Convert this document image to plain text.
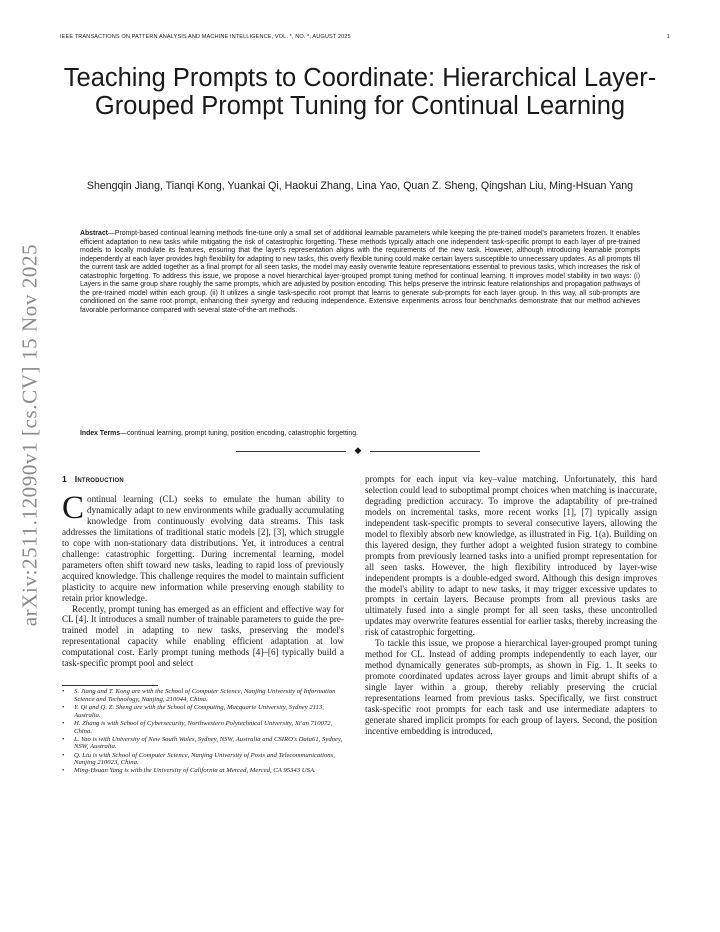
IEEE TRANSACTIONS ON PATTERN ANALYSIS AND MACHINE INTELLIGENCE, VOL. *, NO. *, AUGUST 2025	1
arXiv:2511.12090v1 [cs.CV] 15 Nov 2025
Teaching Prompts to Coordinate: Hierarchical Layer-Grouped Prompt Tuning for Continual Learning
Shengqin Jiang, Tianqi Kong, Yuankai Qi, Haokui Zhang, Lina Yao, Quan Z. Sheng, Qingshan Liu, Ming-Hsuan Yang
Abstract—Prompt-based continual learning methods fine-tune only a small set of additional learnable parameters while keeping the pre-trained model's parameters frozen. It enables efficient adaptation to new tasks while mitigating the risk of catastrophic forgetting. These methods typically attach one independent task-specific prompt to each layer of pre-trained models to locally modulate its features, ensuring that the layer's representation aligns with the requirements of the new task. However, although introducing learnable prompts independently at each layer provides high flexibility for adapting to new tasks, this overly flexible tuning could make certain layers susceptible to unnecessary updates. As all prompts till the current task are added together as a final prompt for all seen tasks, the model may easily overwrite feature representations essential to previous tasks, which increases the risk of catastrophic forgetting. To address this issue, we propose a novel hierarchical layer-grouped prompt tuning method for continual learning. It improves model stability in two ways: (i) Layers in the same group share roughly the same prompts, which are adjusted by position encoding. This helps preserve the intrinsic feature relationships and propagation pathways of the pre-trained model within each group. (ii) It utilizes a single task-specific root prompt that learns to generate sub-prompts for each layer group. In this way, all sub-prompts are conditioned on the same root prompt, enhancing their synergy and reducing independence. Extensive experiments across four benchmarks demonstrate that our method achieves favorable performance compared with several state-of-the-art methods.
Index Terms—continual learning, prompt tuning, position encoding, catastrophic forgetting.
◆
1 Introduction

Continual learning (CL) seeks to emulate the human ability to dynamically adapt to new environments while gradually accumulating knowledge from continuously evolving data streams. This task addresses the limitations of traditional static models [2], [3], which struggle to cope with non-stationary data distributions. Yet, it introduces a central challenge: catastrophic forgetting. During incremental learning, model parameters often shift toward new tasks, leading to rapid loss of previously acquired knowledge. This challenge requires the model to maintain sufficient plasticity to acquire new information while preserving enough stability to retain prior knowledge.

Recently, prompt tuning has emerged as an efficient and effective way for CL [4]. It introduces a small number of trainable parameters to guide the pre-trained model in adapting to new tasks, preserving the model's representational capacity while enabling efficient adaptation at low computational cost. Early prompt tuning methods [4]–[6] typically build a task-specific prompt pool and select

prompts for each input via key–value matching. Unfortunately, this hard selection could lead to suboptimal prompt choices when matching is inaccurate, degrading prediction accuracy. To improve the adaptability of pre-trained models on incremental tasks, more recent works [1], [7] typically assign independent task-specific prompts to several consecutive layers, allowing the model to flexibly absorb new knowledge, as illustrated in Fig. 1(a). Building on this layered design, they further adopt a weighted fusion strategy to combine prompts from previously learned tasks into a unified prompt representation for all seen tasks. However, the high flexibility introduced by layer-wise independent prompts is a double-edged sword. Although this design improves the model's ability to adapt to new tasks, it may trigger excessive updates to prompts in certain layers. Because prompts from all previous tasks are ultimately fused into a single prompt for all seen tasks, these uncontrolled updates may overwrite features essential for earlier tasks, thereby increasing the risk of catastrophic forgetting.

To tackle this issue, we propose a hierarchical layer-grouped prompt tuning method for CL. Instead of adding prompts independently to each layer, our method dynamically generates sub-prompts, as shown in Fig. 1. It seeks to promote coordinated updates across layer groups and limit abrupt shifts of a single layer within a group, thereby reliably preserving the crucial representations learned from previous tasks. Specifically, we first construct task-specific root prompts for each task and use intermediate adapters to generate shared implicit prompts for each group of layers. Second, the position incentive embedding is introduced,

• S. Jiang and T. Kong are with the School of Computer Science, Nanjing University of Information Science and Technology, Nanjing, 210044, China.
• Y. Qi and Q. Z. Sheng are with the School of Computing, Macquarie University, Sydney 2113, Australia.
• H. Zhang is with School of Cybersecurity, Northwestern Polytechnical University, Xi'an 710072, China.
• L. Yao is with University of New South Wales, Sydney, NSW, Australia and CSIRO's Data61, Sydney, NSW, Australia.
• Q. Liu is with School of Computer Science, Nanjing University of Posts and Telecommunications, Nanjing 210023, China.
• Ming-Hsuan Yang is with the University of California at Merced, Merced, CA 95343 USA.
